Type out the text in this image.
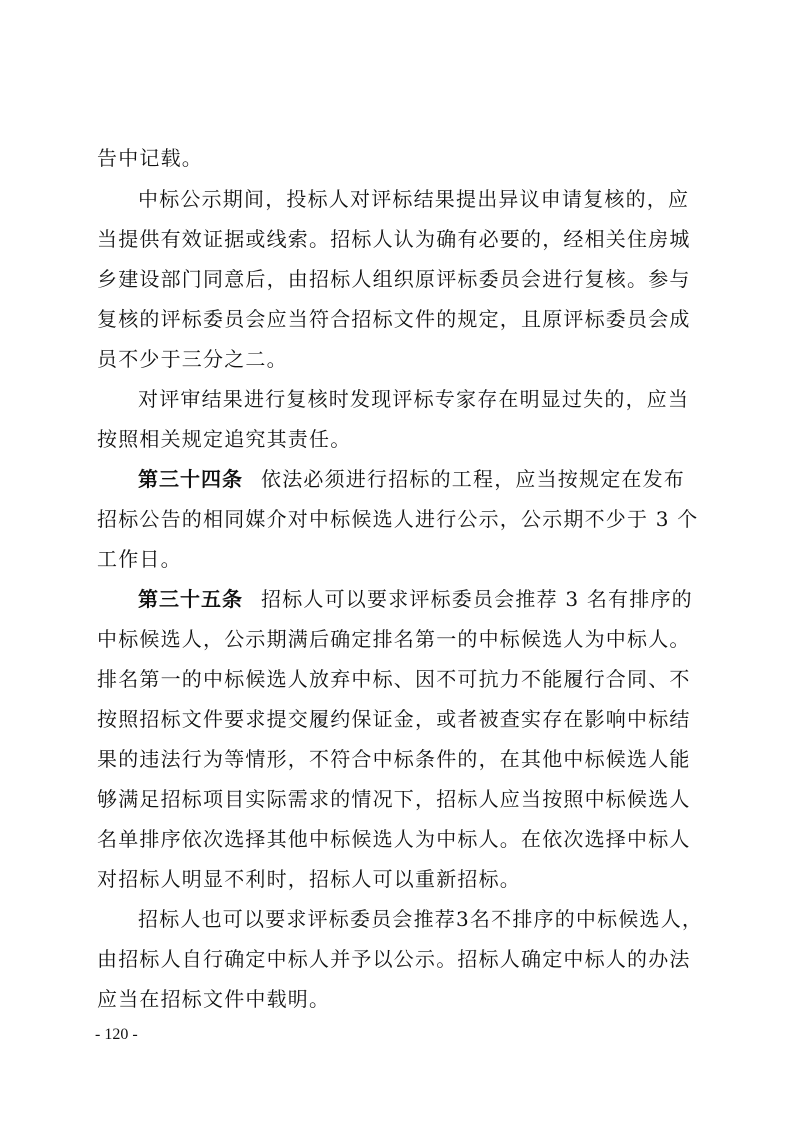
告中记载。
中标公示期间，投标人对评标结果提出异议申请复核的，应
当提供有效证据或线索。招标人认为确有必要的，经相关住房城
乡建设部门同意后，由招标人组织原评标委员会进行复核。参与
复核的评标委员会应当符合招标文件的规定，且原评标委员会成
员不少于三分之二。
对评审结果进行复核时发现评标专家存在明显过失的，应当
按照相关规定追究其责任。
第三十四条 依法必须进行招标的工程，应当按规定在发布
招标公告的相同媒介对中标候选人进行公示，公示期不少于 3 个
工作日。
第三十五条 招标人可以要求评标委员会推荐 3 名有排序的
中标候选人，公示期满后确定排名第一的中标候选人为中标人。
排名第一的中标候选人放弃中标、因不可抗力不能履行合同、不
按照招标文件要求提交履约保证金，或者被查实存在影响中标结
果的违法行为等情形，不符合中标条件的，在其他中标候选人能
够满足招标项目实际需求的情况下，招标人应当按照中标候选人
名单排序依次选择其他中标候选人为中标人。在依次选择中标人
对招标人明显不利时，招标人可以重新招标。
招标人也可以要求评标委员会推荐3名不排序的中标候选人，
由招标人自行确定中标人并予以公示。招标人确定中标人的办法
应当在招标文件中载明。
- 120 -
